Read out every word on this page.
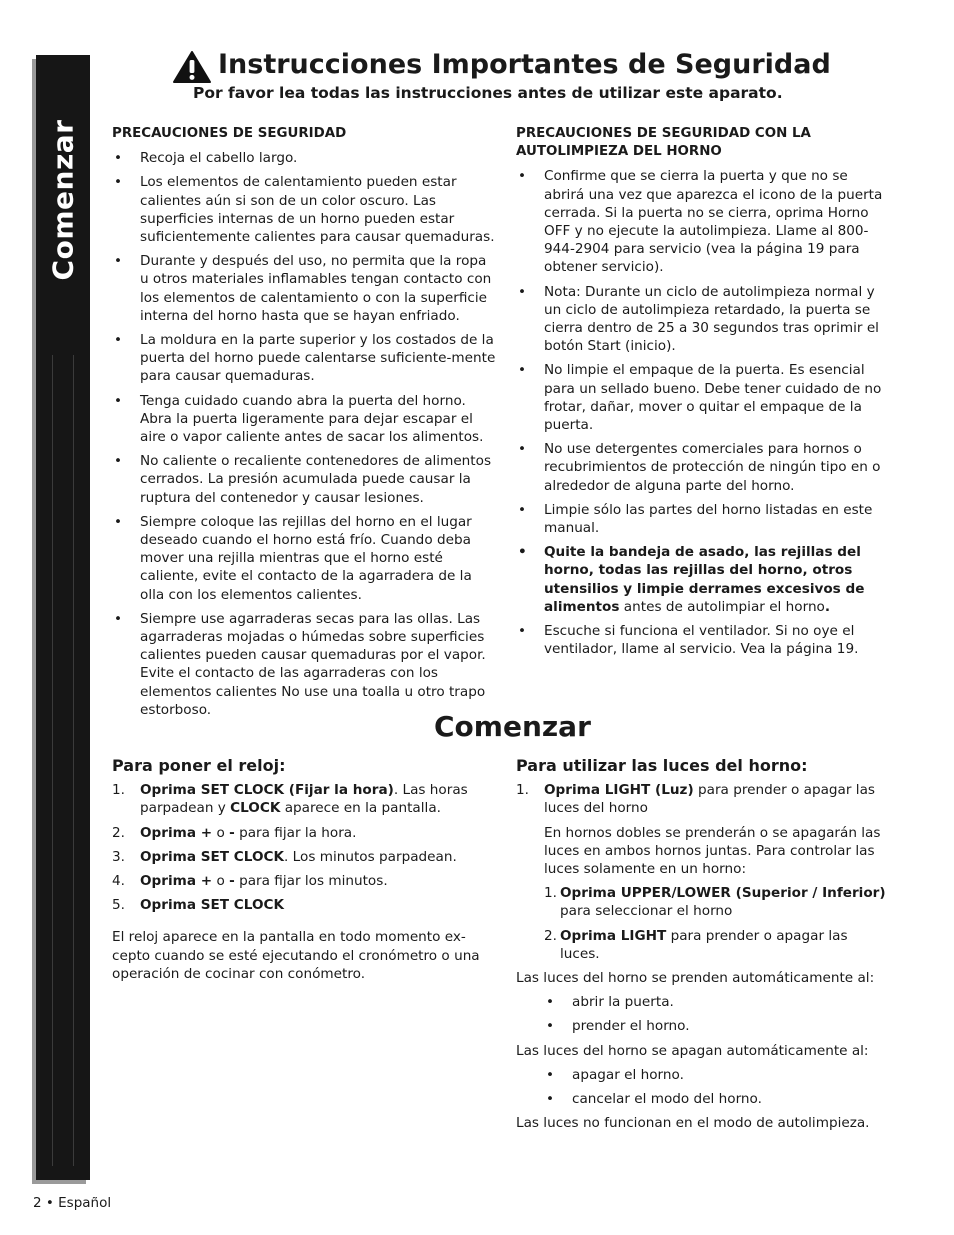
Comenzar
Instrucciones Importantes de Seguridad
Por favor lea todas las instrucciones antes de utilizar este aparato.
PRECAUCIONES DE SEGURIDAD
• Recoja el cabello largo.
• Los elementos de calentamiento pueden estar calientes aún si son de un color oscuro. Las superficies internas de un horno pueden estar suficientemente calientes para causar quemaduras.
• Durante y después del uso, no permita que la ropa u otros materiales inflamables tengan contacto con los elementos de calentamiento o con la superficie interna del horno hasta que se hayan enfriado.
• La moldura en la parte superior y los costados de la puerta del horno puede calentarse suficiente-mente para causar quemaduras.
• Tenga cuidado cuando abra la puerta del horno. Abra la puerta ligeramente para dejar escapar el aire o vapor caliente antes de sacar los alimentos.
• No caliente o recaliente contenedores de alimentos cerrados. La presión acumulada puede causar la ruptura del contenedor y causar lesiones.
• Siempre coloque las rejillas del horno en el lugar deseado cuando el horno está frío. Cuando deba mover una rejilla mientras que el horno esté caliente, evite el contacto de la agarradera de la olla con los elementos calientes.
• Siempre use agarraderas secas para las ollas. Las agarraderas mojadas o húmedas sobre superficies calientes pueden causar quemaduras por el vapor. Evite el contacto de las agarraderas con los elementos calientes No use una toalla u otro trapo estorboso.
PRECAUCIONES DE SEGURIDAD CON LA AUTOLIMPIEZA DEL HORNO
• Confirme que se cierra la puerta y que no se abrirá una vez que aparezca el icono de la puerta cerrada. Si la puerta no se cierra, oprima Horno OFF y no ejecute la autolimpieza. Llame al 800-944-2904 para servicio (vea la página 19 para obtener servicio).
• Nota: Durante un ciclo de autolimpieza normal y un ciclo de autolimpieza retardado, la puerta se cierra dentro de 25 a 30 segundos tras oprimir el botón Start (inicio).
• No limpie el empaque de la puerta. Es esencial para un sellado bueno. Debe tener cuidado de no frotar, dañar, mover o quitar el empaque de la puerta.
• No use detergentes comerciales para hornos o recubrimientos de protección de ningún tipo en o alrededor de alguna parte del horno.
• Limpie sólo las partes del horno listadas en este manual.
• Quite la bandeja de asado, las rejillas del horno, todas las rejillas del horno, otros utensilios y limpie derrames excesivos de alimentos antes de autolimpiar el horno.
• Escuche si funciona el ventilador. Si no oye el ventilador, llame al servicio. Vea la página 19.
Comenzar
Para poner el reloj:
1. Oprima SET CLOCK (Fijar la hora). Las horas parpadean y CLOCK aparece en la pantalla.
2. Oprima + o - para fijar la hora.
3. Oprima SET CLOCK. Los minutos parpadean.
4. Oprima + o - para fijar los minutos.
5. Oprima SET CLOCK

El reloj aparece en la pantalla en todo momento ex-cepto cuando se esté ejecutando el cronómetro o una operación de cocinar con conómetro.

Para utilizar las luces del horno:
1. Oprima LIGHT (Luz) para prender o apagar las luces del horno

En hornos dobles se prenderán o se apagarán las luces en ambos hornos juntas. Para controlar las luces solamente en un horno:

1. Oprima UPPER/LOWER (Superior / Inferior) para seleccionar el horno
2. Oprima LIGHT para prender o apagar las luces.

Las luces del horno se prenden automáticamente al:

• abrir la puerta.
• prender el horno.

Las luces del horno se apagan automáticamente al:

• apagar el horno.
• cancelar el modo del horno.

Las luces no funcionan en el modo de autolimpieza.

2 • Español
